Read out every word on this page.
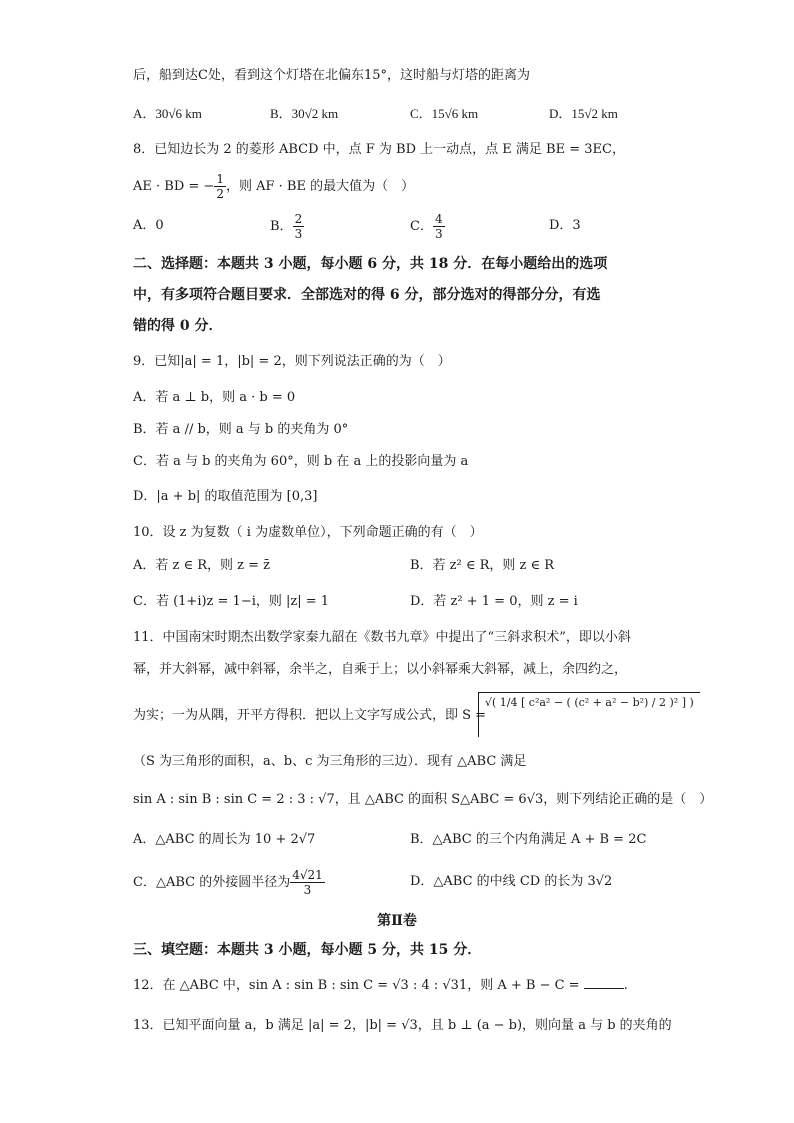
后，船到达C处，看到这个灯塔在北偏东15°，这时船与灯塔的距离为
A．30√6 km	B．30√2 km	C．15√6 km	D．15√2 km
8．已知边长为 2 的菱形 ABCD 中，点 F 为 BD 上一动点，点 E 满足 BE = 3EC，
AE · BD = − $\frac{1}{2}$ ，则 AF · BE 的最大值为（　）
A．0	B． $\frac{2}{3}$	C． $\frac{4}{3}$	D．3
二、选择题：本题共 3 小题，每小题 6 分，共 18 分．在每小题给出的选项
中，有多项符合题目要求．全部选对的得 6 分，部分选对的得部分分，有选
错的得 0 分．
9．已知|a| = 1，|b| = 2，则下列说法正确的为（　）
A．若 a ⊥ b，则 a · b = 0
B．若 a // b，则 a 与 b 的夹角为 0°
C．若 a 与 b 的夹角为 60°，则 b 在 a 上的投影向量为 a
D．|a + b| 的取值范围为 [0,3]
10．设 z 为复数（ i 为虚数单位），下列命题正确的有（　）
A．若 z ∈ R，则 z = z̄	B．若 z² ∈ R，则 z ∈ R
C．若 (1+i)z = 1−i，则 |z| = 1	D．若 z² + 1 = 0，则 z = i
11．中国南宋时期杰出数学家秦九韶在《数书九章》中提出了“三斜求积术”，即以小斜
幂，并大斜幂，减中斜幂，余半之，自乘于上；以小斜幂乘大斜幂，减上，余四约之，
为实；一为从隅，开平方得积．把以上文字写成公式，即 S =
√( 1/4 [ c²a² − ( (c² + a² − b²) / 2 )² ] )
（S 为三角形的面积，a、b、c 为三角形的三边）．现有 △ABC 满足
sin A : sin B : sin C = 2 : 3 : √7，且 △ABC 的面积 S△ABC = 6√3，则下列结论正确的是（　）
A．△ABC 的周长为 10 + 2√7	B．△ABC 的三个内角满足 A + B = 2C
C．△ABC 的外接圆半径为 $\frac{4√21}{3}$	D．△ABC 的中线 CD 的长为 3√2
第Ⅱ卷
三、填空题：本题共 3 小题，每小题 5 分，共 15 分．
12．在 △ABC 中，sin A : sin B : sin C = √3 : 4 : √31，则 A + B − C =	.
13．已知平面向量 a，b 满足 |a| = 2，|b| = √3，且 b ⊥ (a − b)，则向量 a 与 b 的夹角的
